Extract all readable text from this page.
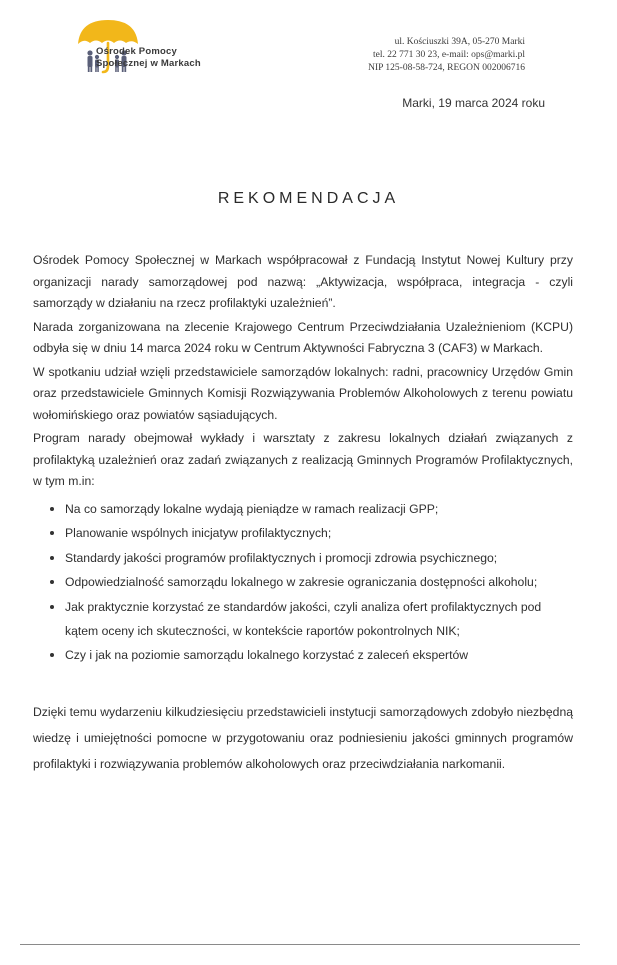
Ośrodek Pomocy
Społecznej w Markach
ul. Kościuszki 39A, 05-270 Marki
tel. 22 771 30 23, e-mail: ops@marki.pl
NIP 125-08-58-724, REGON 002006716
Marki, 19 marca 2024 roku
REKOMENDACJA

Ośrodek Pomocy Społecznej w Markach współpracował z Fundacją Instytut Nowej Kultury przy organizacji narady samorządowej pod nazwą: „Aktywizacja, współpraca, integracja - czyli samorządy w działaniu na rzecz profilaktyki uzależnień”.

Narada zorganizowana na zlecenie Krajowego Centrum Przeciwdziałania Uzależnieniom (KCPU) odbyła się w dniu 14 marca 2024 roku w Centrum Aktywności Fabryczna 3 (CAF3) w Markach.

W spotkaniu udział wzięli przedstawiciele samorządów lokalnych: radni, pracownicy Urzędów Gmin oraz przedstawiciele Gminnych Komisji Rozwiązywania Problemów Alkoholowych z terenu powiatu wołomińskiego oraz powiatów sąsiadujących.

Program narady obejmował wykłady i warsztaty z zakresu lokalnych działań związanych z profilaktyką uzależnień oraz zadań związanych z realizacją Gminnych Programów Profilaktycznych, w tym m.in:

Na co samorządy lokalne wydają pieniądze w ramach realizacji GPP;
Planowanie wspólnych inicjatyw profilaktycznych;
Standardy jakości programów profilaktycznych i promocji zdrowia psychicznego;
Odpowiedzialność samorządu lokalnego w zakresie ograniczania dostępności alkoholu;
Jak praktycznie korzystać ze standardów jakości, czyli analiza ofert profilaktycznych pod kątem oceny ich skuteczności, w kontekście raportów pokontrolnych NIK;
Czy i jak na poziomie samorządu lokalnego korzystać z zaleceń ekspertów

Dzięki temu wydarzeniu kilkudziesięciu przedstawicieli instytucji samorządowych zdobyło niezbędną wiedzę i umiejętności pomocne w przygotowaniu oraz podniesieniu jakości gminnych programów profilaktyki i rozwiązywania problemów alkoholowych oraz przeciwdziałania narkomanii.
